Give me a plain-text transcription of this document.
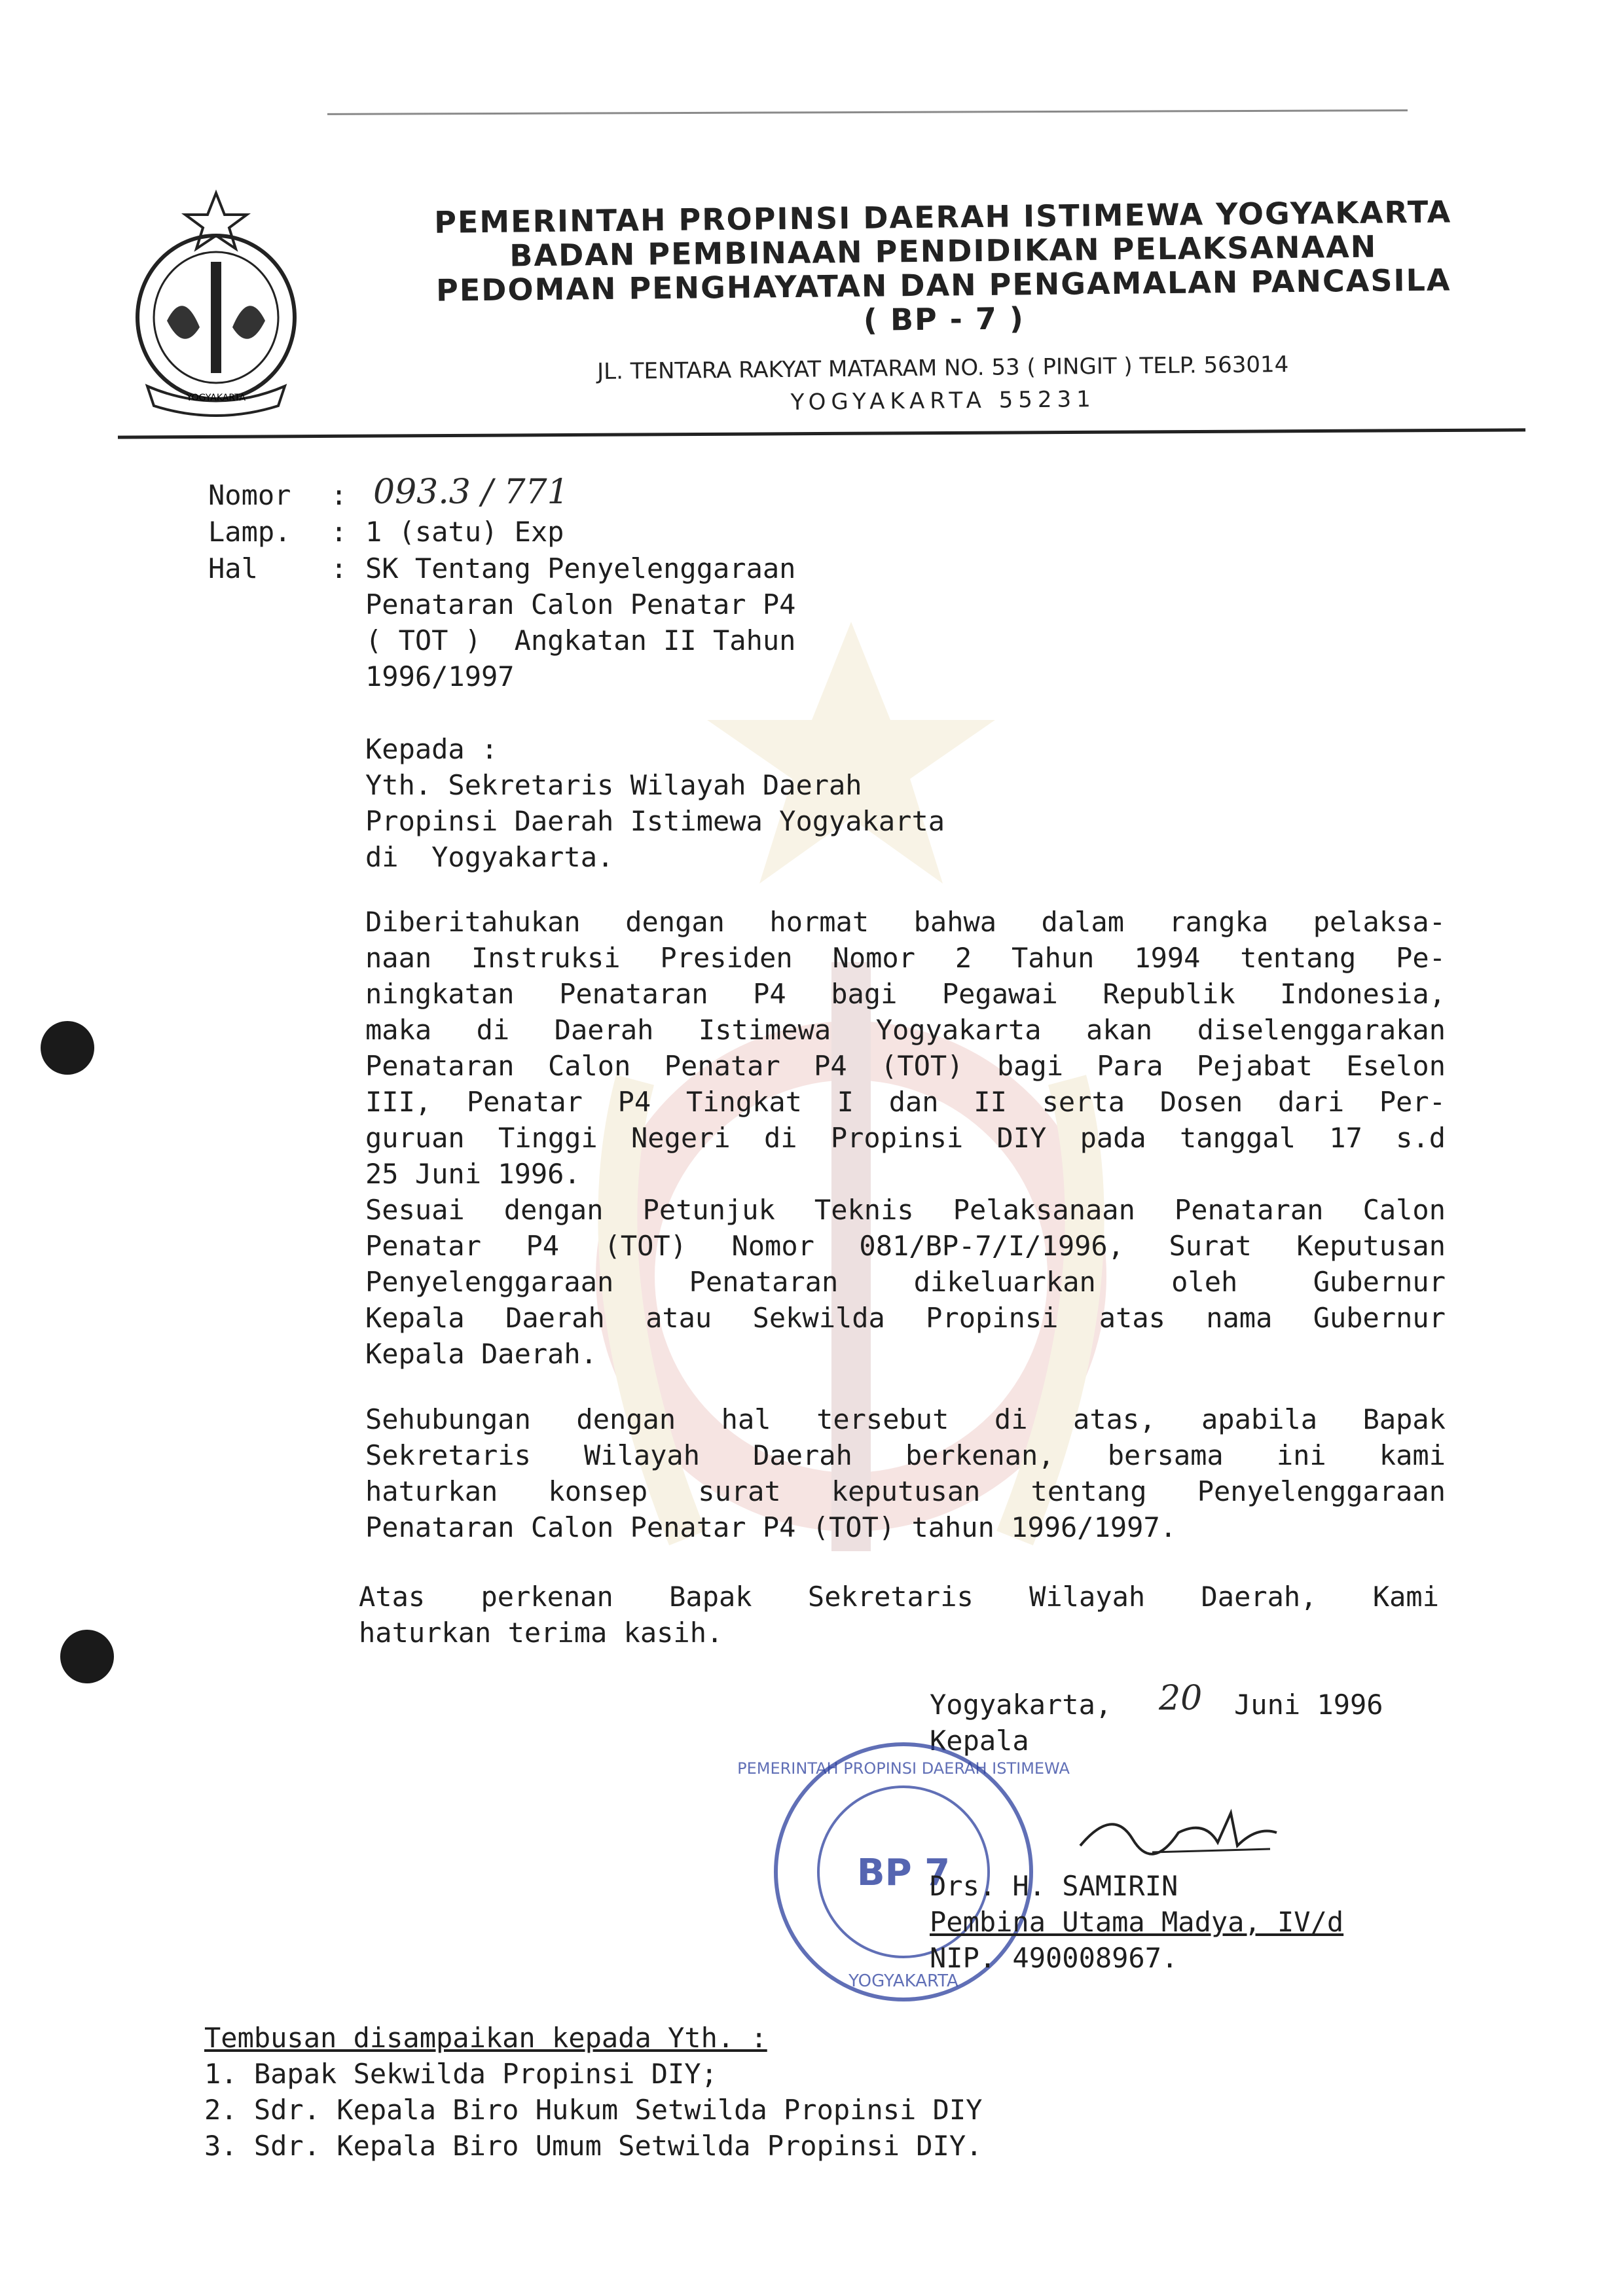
YOGYAKARTA
PEMERINTAH PROPINSI DAERAH ISTIMEWA YOGYAKARTA
BADAN PEMBINAAN PENDIDIKAN PELAKSANAAN
PEDOMAN PENGHAYATAN DAN PENGAMALAN PANCASILA
( BP - 7 )
JL. TENTARA RAKYAT MATARAM NO. 53 ( PINGIT ) TELP. 563014
YOGYAKARTA 55231
Nomor : 093.3 / 771
Lamp. : 1 (satu) Exp
Hal	: SK Tentang Penyelenggaraan
Penataran Calon Penatar P4
( TOT )  Angkatan II Tahun
1996/1997
Kepada :
Yth. Sekretaris Wilayah Daerah
Propinsi Daerah Istimewa Yogyakarta
di  Yogyakarta.
Diberitahukan dengan hormat bahwa dalam rangka pelaksa-
naan Instruksi Presiden Nomor 2 Tahun 1994 tentang Pe-
ningkatan Penataran P4 bagi Pegawai Republik Indonesia,
maka di Daerah Istimewa Yogyakarta akan diselenggarakan
Penataran Calon Penatar P4 (TOT) bagi Para Pejabat Eselon
III, Penatar P4 Tingkat I dan II serta Dosen dari Per-
guruan Tinggi Negeri di Propinsi DIY pada tanggal 17 s.d
25 Juni 1996.
Sesuai dengan Petunjuk Teknis Pelaksanaan Penataran Calon
Penatar P4 (TOT) Nomor 081/BP-7/I/1996, Surat Keputusan
Penyelenggaraan Penataran dikeluarkan oleh Gubernur
Kepala Daerah atau Sekwilda Propinsi atas nama Gubernur
Kepala Daerah.
Sehubungan dengan hal tersebut di atas, apabila Bapak
Sekretaris Wilayah Daerah berkenan, bersama ini kami
haturkan konsep surat keputusan tentang Penyelenggaraan
Penataran Calon Penatar P4 (TOT) tahun 1996/1997.
Atas perkenan Bapak Sekretaris Wilayah Daerah, Kami
haturkan terima kasih.
Yogyakarta, 20 Juni 1996
Kepala
BP 7
PEMERINTAH PROPINSI DAERAH ISTIMEWA
YOGYAKARTA
Drs. H. SAMIRIN
Pembina Utama Madya, IV/d
NIP. 490008967.
Tembusan disampaikan kepada Yth. :
1. Bapak Sekwilda Propinsi DIY;
2. Sdr. Kepala Biro Hukum Setwilda Propinsi DIY
3. Sdr. Kepala Biro Umum Setwilda Propinsi DIY.
